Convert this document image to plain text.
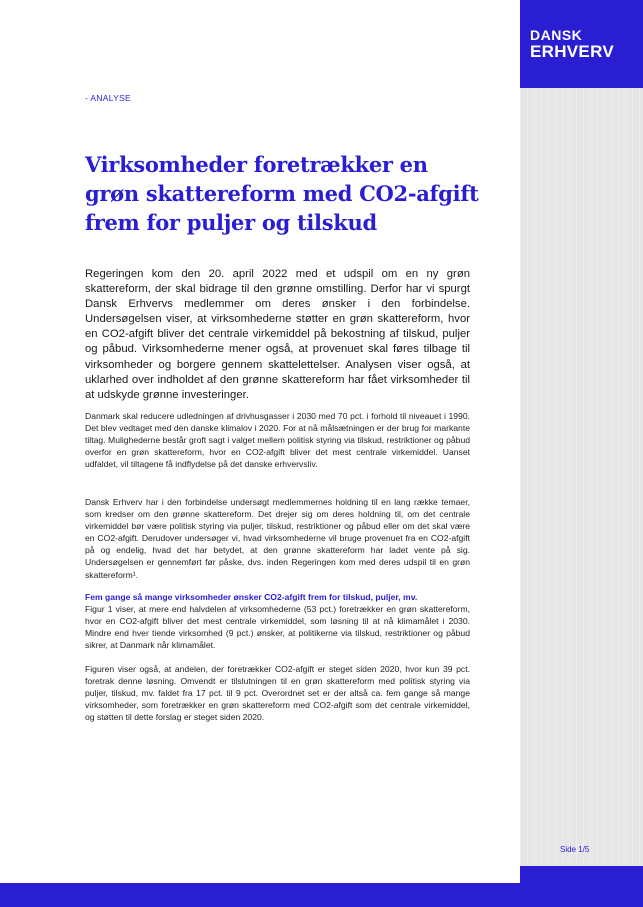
DANSK
ERHVERV
- ANALYSE
Virksomheder foretrækker en grøn skattereform med CO2-afgift frem for puljer og tilskud

Regeringen kom den 20. april 2022 med et udspil om en ny grøn skattereform, der skal bidrage til den grønne omstilling. Derfor har vi spurgt Dansk Erhvervs medlemmer om deres ønsker i den forbindelse. Undersøgelsen viser, at virksomhederne støtter en grøn skattereform, hvor en CO2-afgift bliver det centrale virkemiddel på bekostning af tilskud, puljer og påbud. Virksomhederne mener også, at provenuet skal føres tilbage til virksomheder og borgere gennem skattelettelser. Analysen viser også, at uklarhed over indholdet af den grønne skattereform har fået virksomheder til at udskyde grønne investeringer.

Danmark skal reducere udledningen af drivhusgasser i 2030 med 70 pct. i forhold til niveauet i 1990. Det blev vedtaget med den danske klimalov i 2020. For at nå målsætningen er der brug for markante tiltag. Mulighederne består groft sagt i valget mellem politisk styring via tilskud, restriktioner og påbud overfor en grøn skattereform, hvor en CO2-afgift bliver det mest centrale virkemiddel. Uanset udfaldet, vil tiltagene få indflydelse på det danske erhvervsliv.

Dansk Erhverv har i den forbindelse undersøgt medlemmernes holdning til en lang række temaer, som kredser om den grønne skattereform. Det drejer sig om deres holdning til, om det centrale virkemiddel bør være politisk styring via puljer, tilskud, restriktioner og påbud eller om det skal være en CO2-afgift. Derudover undersøger vi, hvad virksomhederne vil bruge provenuet fra en CO2-afgift på og endelig, hvad det har betydet, at den grønne skattereform har ladet vente på sig. Undersøgelsen er gennemført før påske, dvs. inden Regeringen kom med deres udspil til en grøn skattereform¹.

Fem gange så mange virksomheder ønsker CO2-afgift frem for tilskud, puljer, mv.

Figur 1 viser, at mere end halvdelen af virksomhederne (53 pct.) foretrækker en grøn skattereform, hvor en CO2-afgift bliver det mest centrale virkemiddel, som løsning til at nå klimamålet i 2030. Mindre end hver tiende virksomhed (9 pct.) ønsker, at politikerne via tilskud, restriktioner og påbud sikrer, at Danmark når klimamålet.

Figuren viser også, at andelen, der foretrækker CO2-afgift er steget siden 2020, hvor kun 39 pct. foretrak denne løsning. Omvendt er tilslutningen til en grøn skattereform med politisk styring via puljer, tilskud, mv. faldet fra 17 pct. til 9 pct. Overordnet set er der altså ca. fem gange så mange virksomheder, som foretrækker en grøn skattereform med CO2-afgift som det centrale virkemiddel, og støtten til dette forslag er steget siden 2020.

Side 1/5
